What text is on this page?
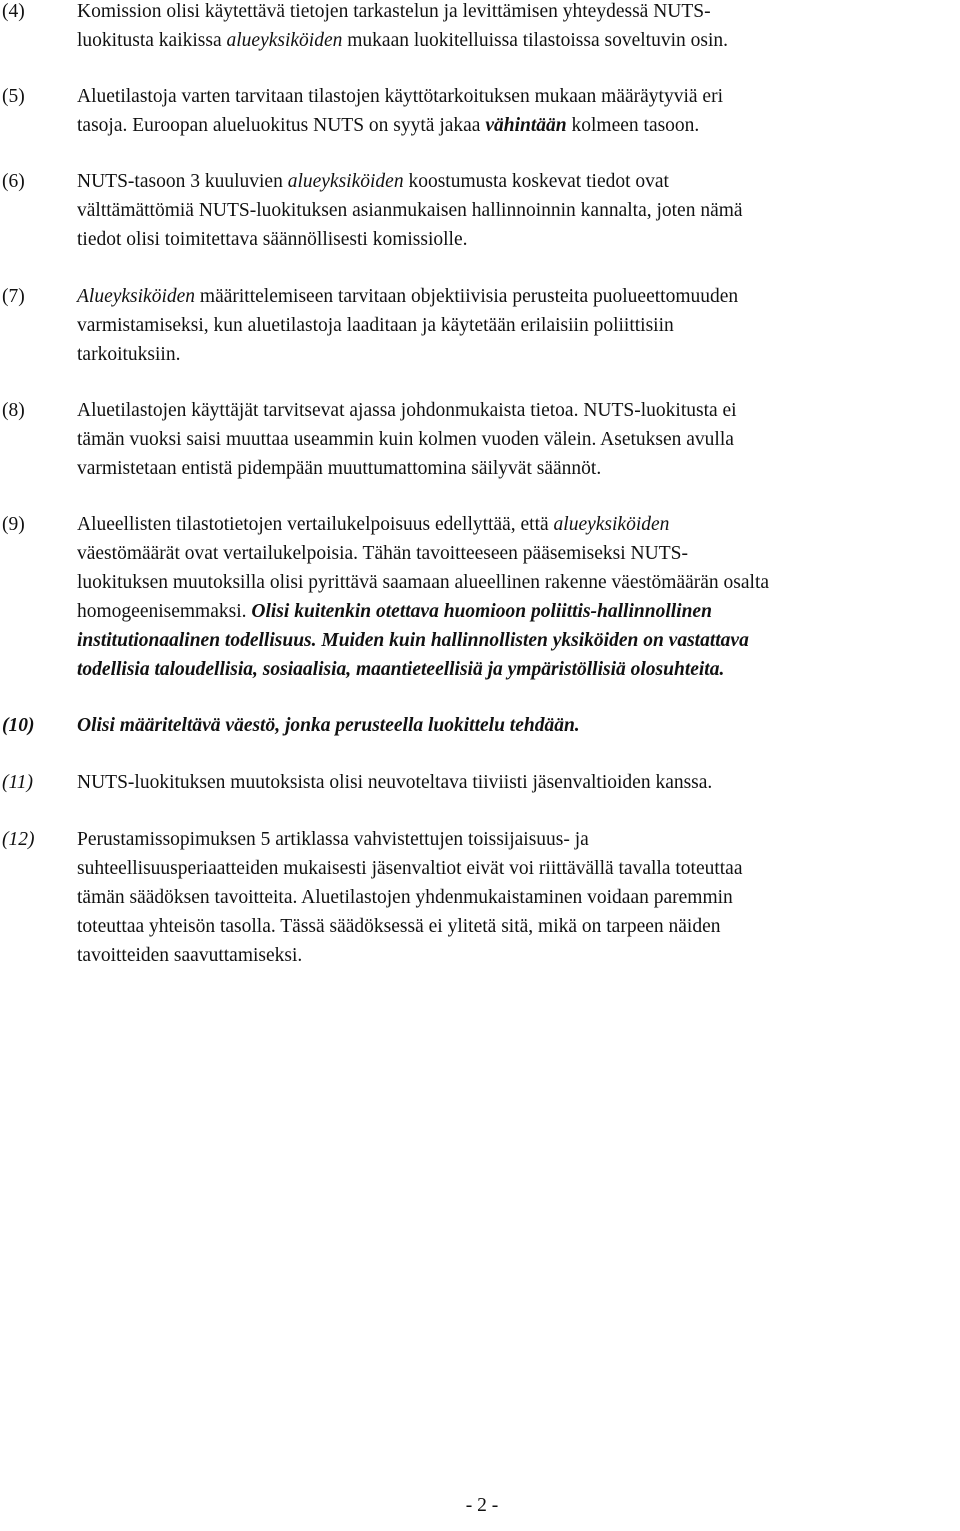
(4)	Komission olisi käytettävä tietojen tarkastelun ja levittämisen yhteydessä NUTS-
luokitusta kaikissa alueyksiköiden mukaan luokitelluissa tilastoissa soveltuvin osin.
(5)	Aluetilastoja varten tarvitaan tilastojen käyttötarkoituksen mukaan määräytyviä eri
tasoja. Euroopan alueluokitus NUTS on syytä jakaa vähintään kolmeen tasoon.
(6)	NUTS-tasoon 3 kuuluvien alueyksiköiden koostumusta koskevat tiedot ovat
välttämättömiä NUTS-luokituksen asianmukaisen hallinnoinnin kannalta, joten nämä
tiedot olisi toimitettava säännöllisesti komissiolle.
(7)	Alueyksiköiden määrittelemiseen tarvitaan objektiivisia perusteita puolueettomuuden
varmistamiseksi, kun aluetilastoja laaditaan ja käytetään erilaisiin poliittisiin
tarkoituksiin.
(8)	Aluetilastojen käyttäjät tarvitsevat ajassa johdonmukaista tietoa. NUTS-luokitusta ei
tämän vuoksi saisi muuttaa useammin kuin kolmen vuoden välein. Asetuksen avulla
varmistetaan entistä pidempään muuttumattomina säilyvät säännöt.
(9)	Alueellisten tilastotietojen vertailukelpoisuus edellyttää, että alueyksiköiden
väestömäärät ovat vertailukelpoisia. Tähän tavoitteeseen pääsemiseksi NUTS-
luokituksen muutoksilla olisi pyrittävä saamaan alueellinen rakenne väestömäärän osalta
homogeenisemmaksi. Olisi kuitenkin otettava huomioon poliittis-hallinnollinen
institutionaalinen todellisuus. Muiden kuin hallinnollisten yksiköiden on vastattava
todellisia taloudellisia, sosiaalisia, maantieteellisiä ja ympäristöllisiä olosuhteita.
(10) Olisi määriteltävä väestö, jonka perusteella luokittelu tehdään.
(11) NUTS-luokituksen muutoksista olisi neuvoteltava tiiviisti jäsenvaltioiden kanssa.
(12) Perustamissopimuksen 5 artiklassa vahvistettujen toissijaisuus- ja
suhteellisuusperiaatteiden mukaisesti jäsenvaltiot eivät voi riittävällä tavalla toteuttaa
tämän säädöksen tavoitteita. Aluetilastojen yhdenmukaistaminen voidaan paremmin
toteuttaa yhteisön tasolla. Tässä säädöksessä ei ylitetä sitä, mikä on tarpeen näiden
tavoitteiden saavuttamiseksi.
- 2 -
